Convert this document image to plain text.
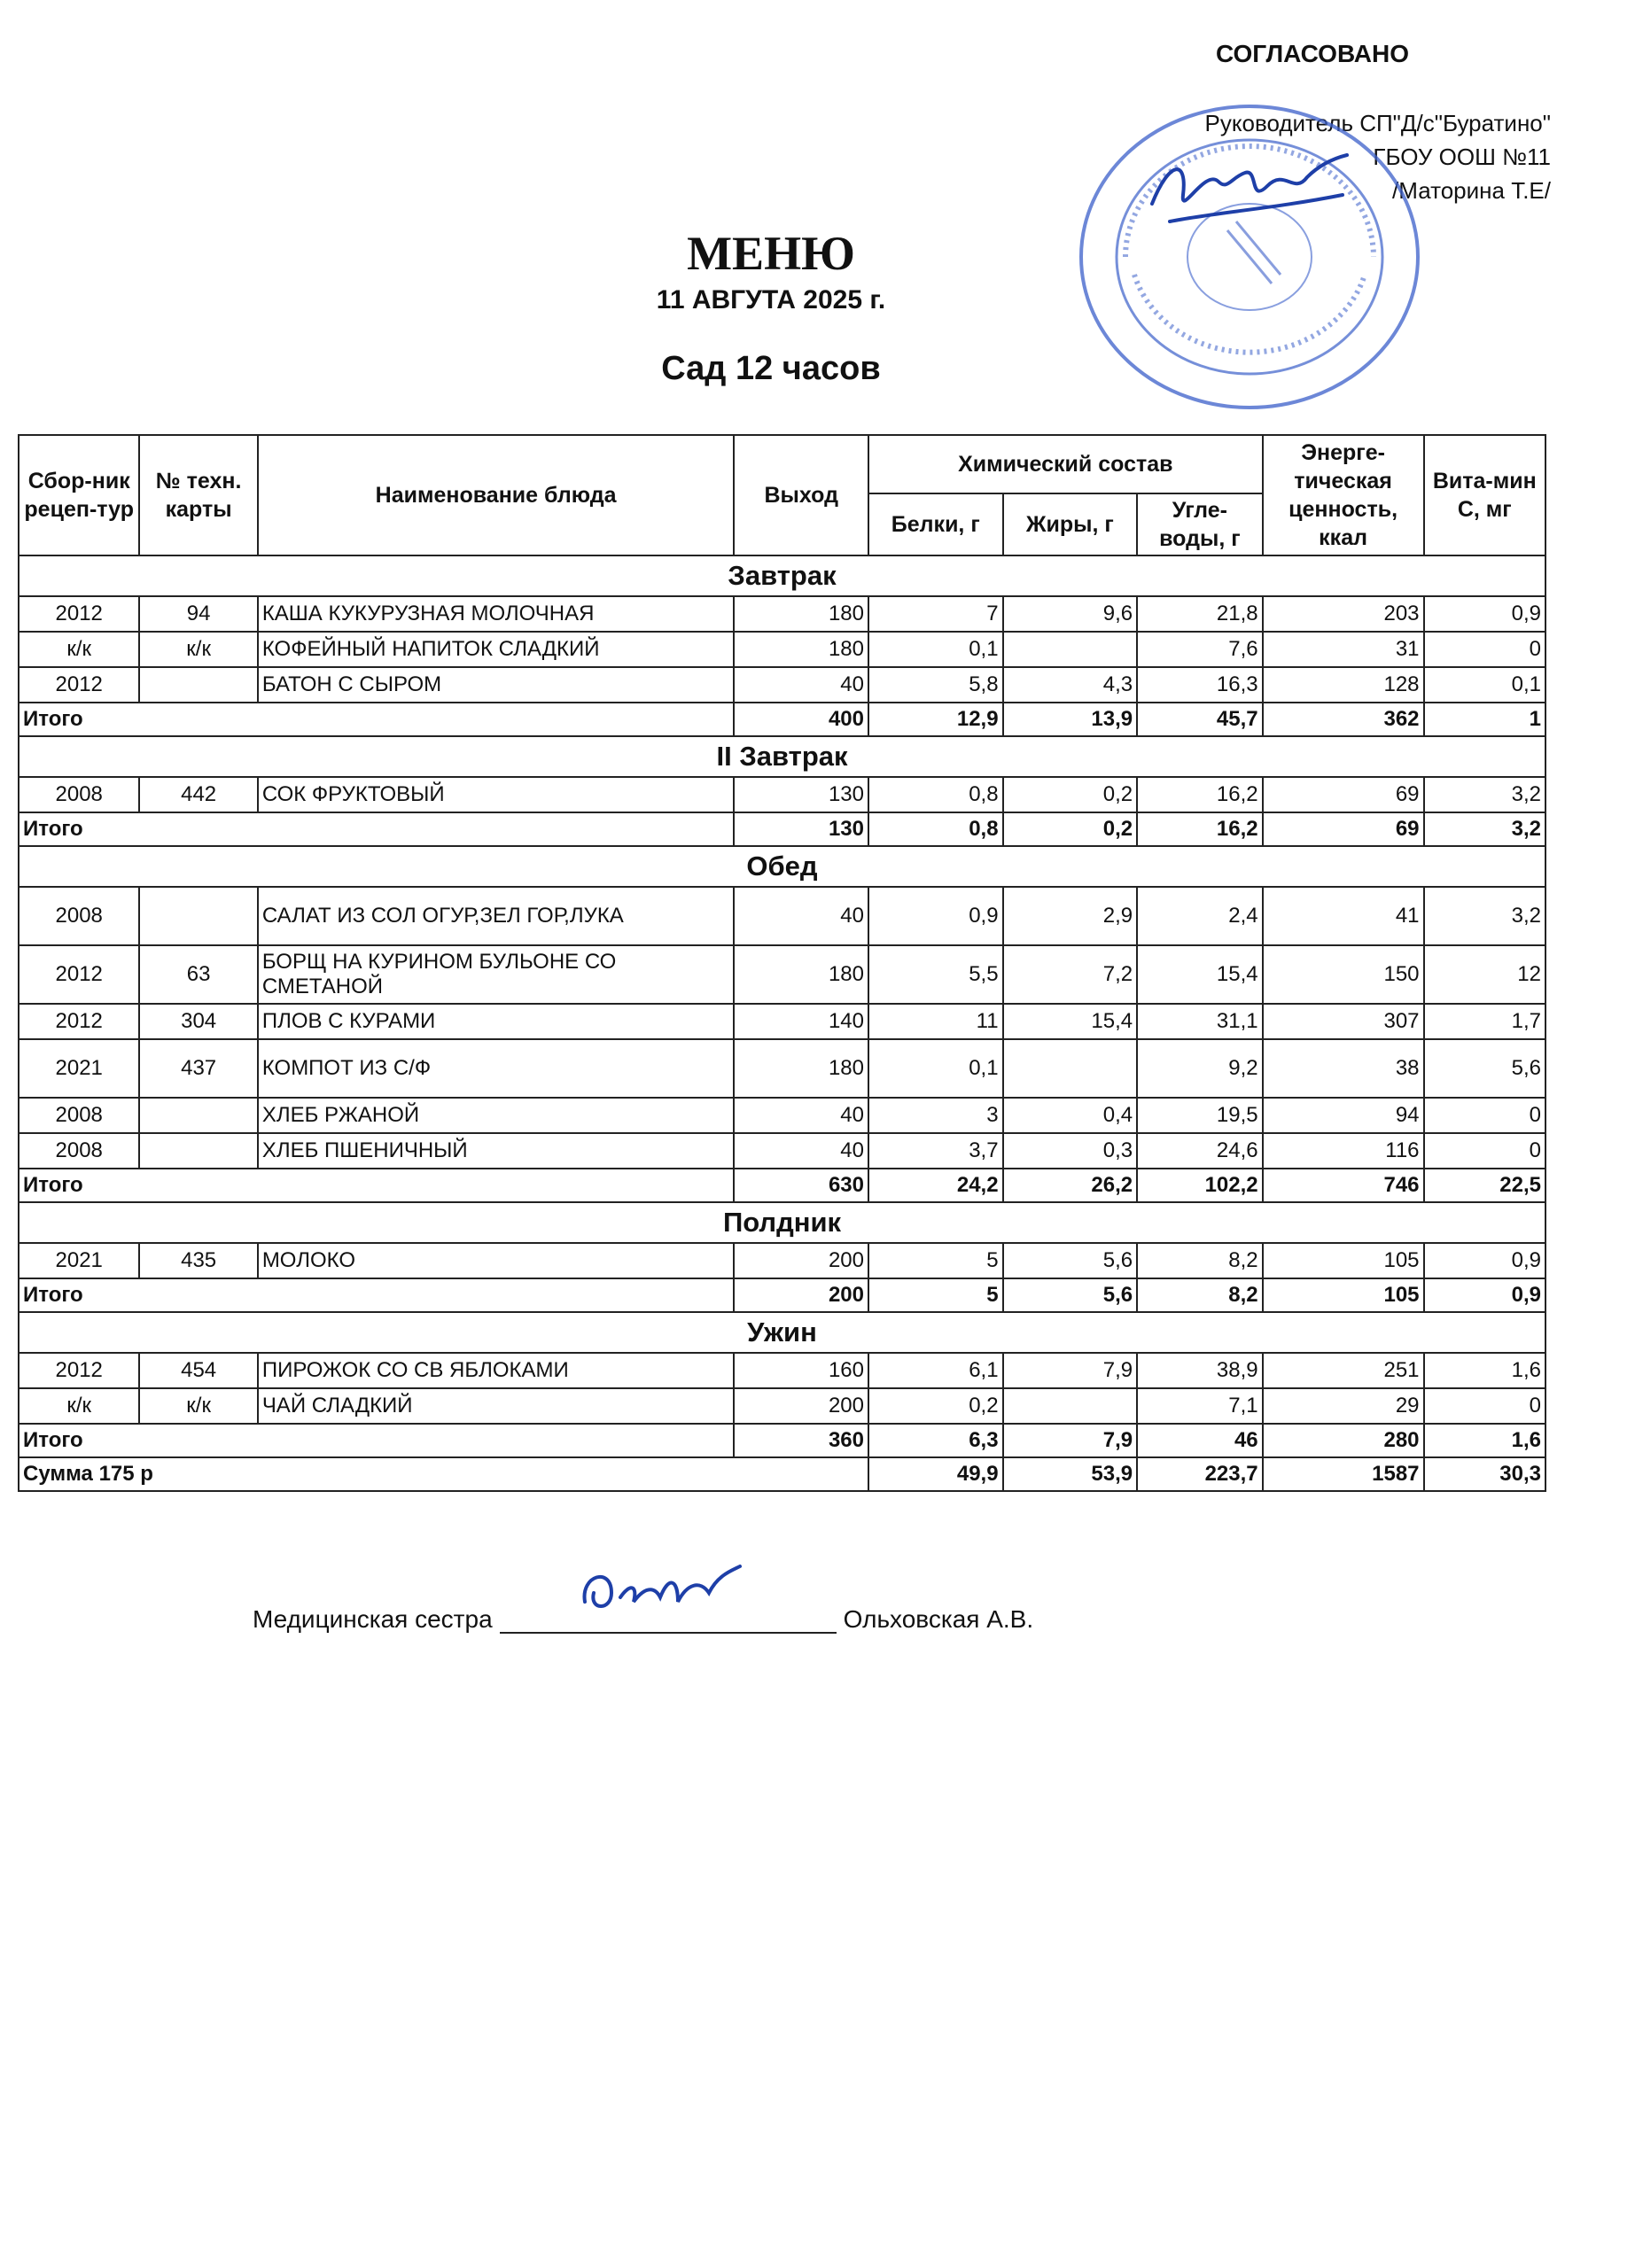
СОГЛАСОВАНО
Руководитель СП"Д/с"Буратино"
ГБОУ ООШ №11
/Маторина Т.Е/
МЕНЮ
11 АВГУТА 2025 г.
Сад 12 часов
Сбор-ник рецеп-тур	№ техн. карты	Наименование блюда	Выход	Химический состав			Энерге-тическая ценность, ккал	Вита-мин С, мг
				Белки, г	Жиры, г	Угле-воды, г		
Завтрак								
2012	94	КАША КУКУРУЗНАЯ МОЛОЧНАЯ	180	7	9,6	21,8	203	0,9
к/к	к/к	КОФЕЙНЫЙ НАПИТОК СЛАДКИЙ	180	0,1		7,6	31	0
2012		БАТОН С СЫРОМ	40	5,8	4,3	16,3	128	0,1
Итого			400	12,9	13,9	45,7	362	1
II Завтрак								
2008	442	СОК ФРУКТОВЫЙ	130	0,8	0,2	16,2	69	3,2
Итого			130	0,8	0,2	16,2	69	3,2
Обед								
2008		САЛАТ ИЗ СОЛ ОГУР,ЗЕЛ ГОР,ЛУКА	40	0,9	2,9	2,4	41	3,2
2012	63	БОРЩ НА КУРИНОМ БУЛЬОНЕ СО СМЕТАНОЙ	180	5,5	7,2	15,4	150	12
2012	304	ПЛОВ С КУРАМИ	140	11	15,4	31,1	307	1,7
2021	437	КОМПОТ ИЗ С/Ф	180	0,1		9,2	38	5,6
2008		ХЛЕБ РЖАНОЙ	40	3	0,4	19,5	94	0
2008		ХЛЕБ ПШЕНИЧНЫЙ	40	3,7	0,3	24,6	116	0
Итого			630	24,2	26,2	102,2	746	22,5
Полдник								
2021	435	МОЛОКО	200	5	5,6	8,2	105	0,9
Итого			200	5	5,6	8,2	105	0,9
Ужин								
2012	454	ПИРОЖОК СО СВ ЯБЛОКАМИ	160	6,1	7,9	38,9	251	1,6
к/к	к/к	ЧАЙ СЛАДКИЙ	200	0,2		7,1	29	0
Итого			360	6,3	7,9	46	280	1,6
Сумма 175 р				49,9	53,9	223,7	1587	30,3
Медицинская сестра	Ольховская А.В.
